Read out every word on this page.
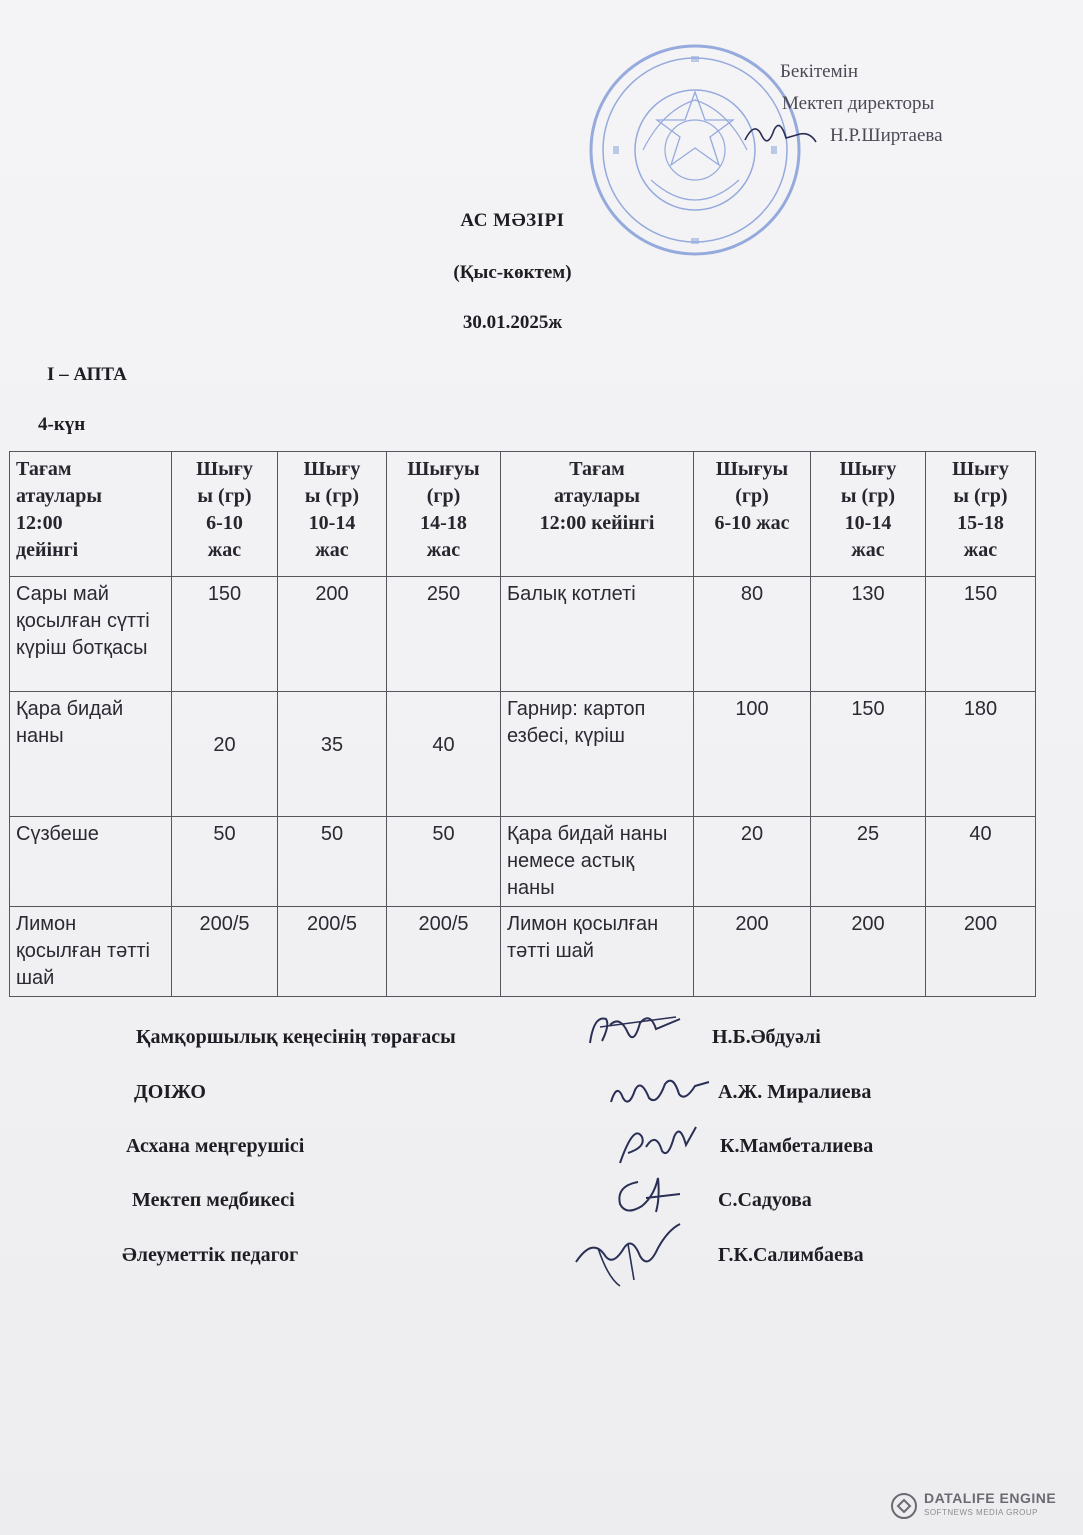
Бекітемін
Мектеп директоры
Н.Р.Ширтаева
АС МӘЗІРІ
(Қыс-көктем)
30.01.2025ж
I – АПТА
4-күн
Тағам
атаулары
12:00
дейінгі	Шығу
ы (гр)
6-10
жас	Шығу
ы (гр)
10-14
жас	Шығуы
(гр)
14-18
жас	Тағам
атаулары
12:00 кейінгі	Шығуы
(гр)
6-10 жас	Шығу
ы (гр)
10-14
жас	Шығу
ы (гр)
15-18
жас
Сары май қосылған сүтті күріш ботқасы	150	200	250	Балық котлеті	80	130	150
Қара бидай наны	20	35	40	Гарнир: картоп езбесі, күріш	100	150	180
Сүзбеше	50	50	50	Қара бидай наны немесе астық наны	20	25	40
Лимон қосылған тәтті шай	200/5	200/5	200/5	Лимон қосылған тәтті шай	200	200	200
Қамқоршылық кеңесінің төрағасы	Н.Б.Әбдуәлі
ДОІЖО	А.Ж. Миралиева
Асхана меңгерушісі	К.Мамбеталиева
Мектеп медбикесі	С.Садуова
Әлеуметтік педагог	Г.К.Салимбаева
DATALIFE ENGINE
SOFTNEWS MEDIA GROUP
